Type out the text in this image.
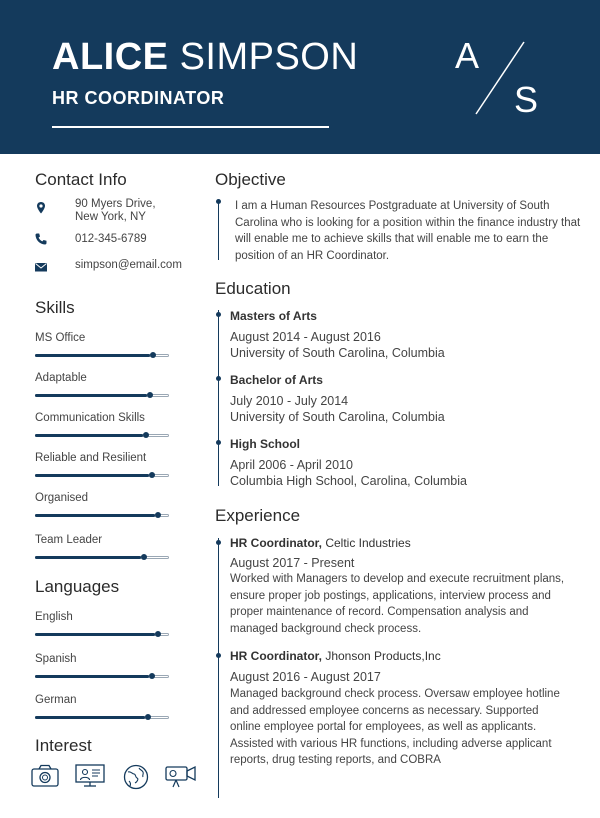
ALICE SIMPSON
HR COORDINATOR
A
S
Contact Info
90 Myers Drive,
New York, NY
012-345-6789
simpson@email.com
Skills
MS Office
Adaptable
Communication Skills
Reliable and Resilient
Organised
Team Leader
Languages
English
Spanish
German
Interest
Objective
I am a Human Resources Postgraduate at University of South Carolina who is looking for a position within the finance industry that will enable me to achieve skills that will enable me to earn the position of an HR Coordinator.
Education
Masters of Arts
August 2014 - August 2016
University of South Carolina, Columbia
Bachelor of Arts
July 2010 - July 2014
University of South Carolina, Columbia
High School
April 2006 - April 2010
Columbia High School, Carolina, Columbia
Experience
HR Coordinator, Celtic Industries
August 2017 - Present
Worked with Managers to develop and execute recruitment plans,
ensure proper job postings, applications, interview process and
proper maintenance of record. Compensation analysis and
managed background check process.
HR Coordinator, Jhonson Products,Inc
August 2016 - August 2017
Managed background check process. Oversaw employee hotline
and addressed employee concerns as necessary. Supported
online employee portal for employees, as well as applicants.
Assisted with various HR functions, including adverse applicant
reports, drug testing reports, and COBRA
